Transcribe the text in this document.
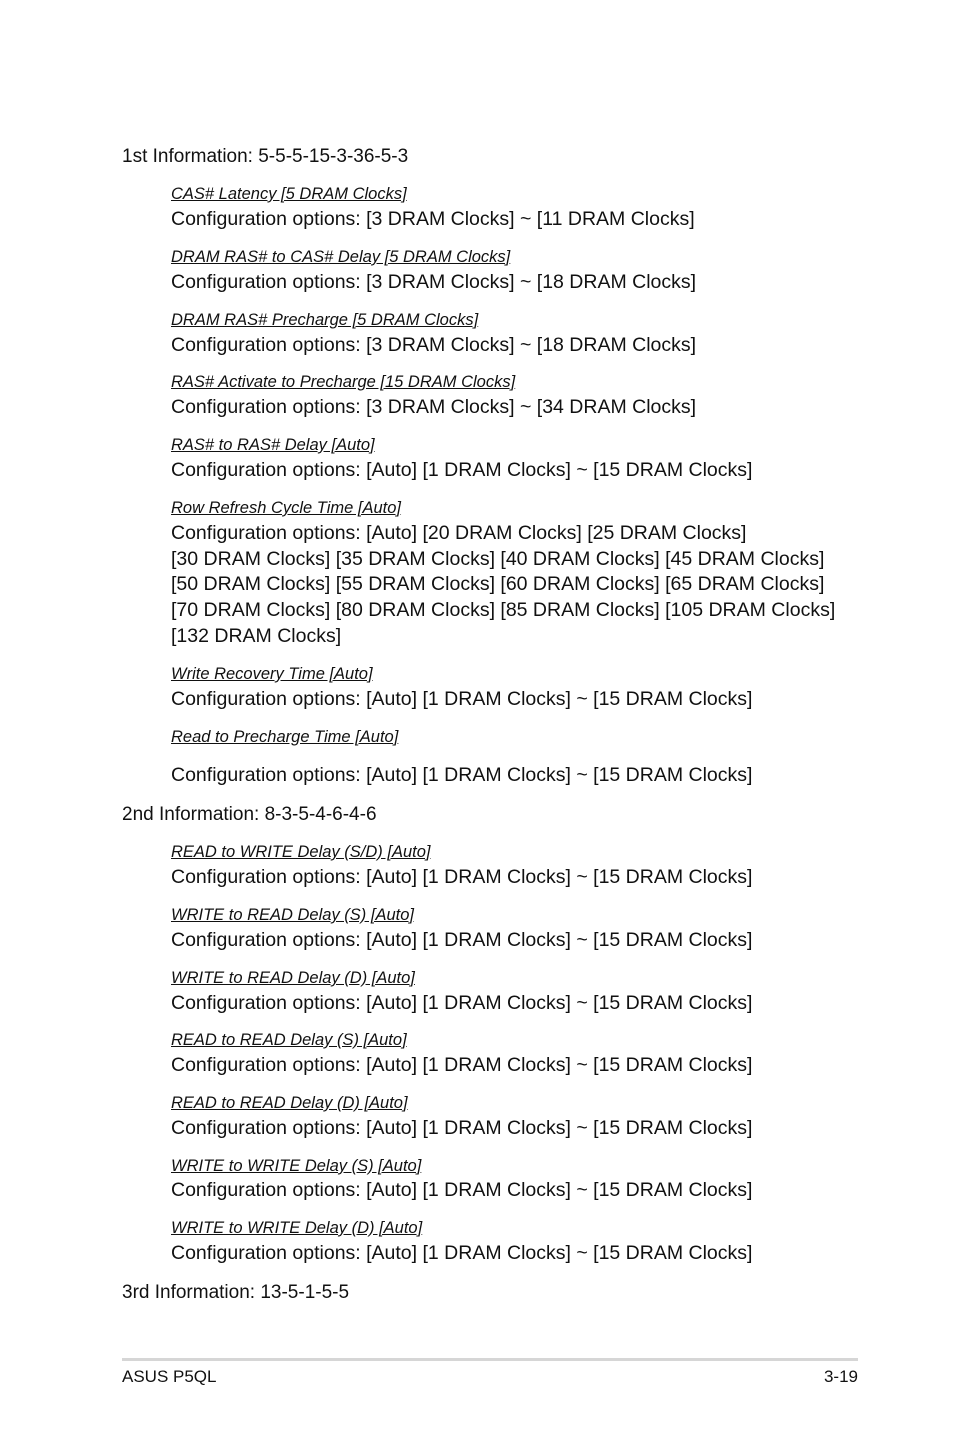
1st Information: 5-5-5-15-3-36-5-3
CAS# Latency [5 DRAM Clocks]
Configuration options: [3 DRAM Clocks] ~ [11 DRAM Clocks]
DRAM RAS# to CAS# Delay [5 DRAM Clocks]
Configuration options: [3 DRAM Clocks] ~ [18 DRAM Clocks]
DRAM RAS# Precharge [5 DRAM Clocks]
Configuration options: [3 DRAM Clocks] ~ [18 DRAM Clocks]
RAS# Activate to Precharge [15 DRAM Clocks]
Configuration options: [3 DRAM Clocks] ~ [34 DRAM Clocks]
RAS# to RAS# Delay [Auto]
Configuration options: [Auto] [1 DRAM Clocks] ~ [15 DRAM Clocks]
Row Refresh Cycle Time [Auto]
Configuration options: [Auto] [20 DRAM Clocks] [25 DRAM Clocks]
[30 DRAM Clocks] [35 DRAM Clocks] [40 DRAM Clocks] [45 DRAM Clocks]
[50 DRAM Clocks] [55 DRAM Clocks] [60 DRAM Clocks] [65 DRAM Clocks]
[70 DRAM Clocks] [80 DRAM Clocks] [85 DRAM Clocks] [105 DRAM Clocks]
[132 DRAM Clocks]
Write Recovery Time [Auto]
Configuration options: [Auto] [1 DRAM Clocks] ~ [15 DRAM Clocks]
Read to Precharge Time [Auto]
Configuration options: [Auto] [1 DRAM Clocks] ~ [15 DRAM Clocks]
2nd Information: 8-3-5-4-6-4-6
READ to WRITE Delay (S/D) [Auto]
Configuration options: [Auto] [1 DRAM Clocks] ~ [15 DRAM Clocks]
WRITE to READ Delay (S) [Auto]
Configuration options: [Auto] [1 DRAM Clocks] ~ [15 DRAM Clocks]
WRITE to READ Delay (D) [Auto]
Configuration options: [Auto] [1 DRAM Clocks] ~ [15 DRAM Clocks]
READ to READ Delay (S) [Auto]
Configuration options: [Auto] [1 DRAM Clocks] ~ [15 DRAM Clocks]
READ to READ Delay (D) [Auto]
Configuration options: [Auto] [1 DRAM Clocks] ~ [15 DRAM Clocks]
WRITE to WRITE Delay (S) [Auto]
Configuration options: [Auto] [1 DRAM Clocks] ~ [15 DRAM Clocks]
WRITE to WRITE Delay (D) [Auto]
Configuration options: [Auto] [1 DRAM Clocks] ~ [15 DRAM Clocks]
3rd Information: 13-5-1-5-5
ASUS P5QL	3-19
